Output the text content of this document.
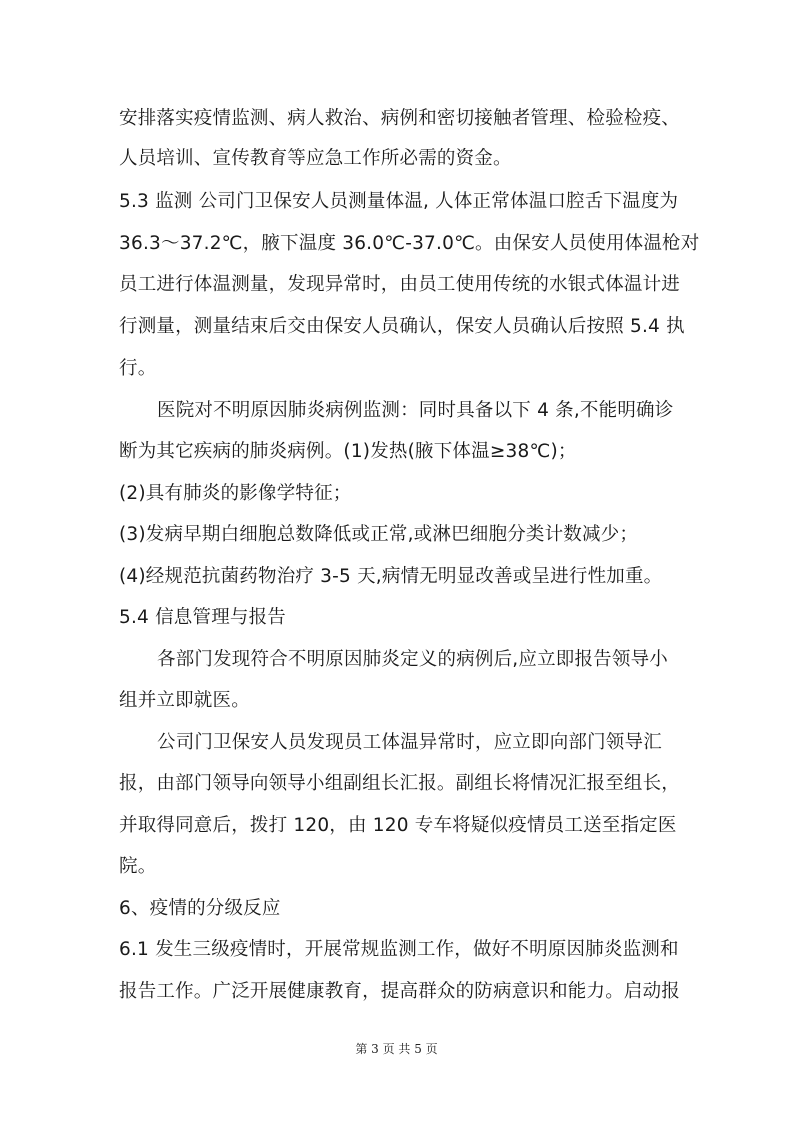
安排落实疫情监测、病人救治、病例和密切接触者管理、检验检疫、
人员培训、宣传教育等应急工作所必需的资金。
5.3 监测 公司门卫保安人员测量体温, 人体正常体温口腔舌下温度为
36.3～37.2℃，腋下温度 36.0℃-37.0℃。由保安人员使用体温枪对
员工进行体温测量，发现异常时，由员工使用传统的水银式体温计进
行测量，测量结束后交由保安人员确认，保安人员确认后按照 5.4 执
行。
医院对不明原因肺炎病例监测：同时具备以下 4 条,不能明确诊
断为其它疾病的肺炎病例。(1)发热(腋下体温≥38℃)；
(2)具有肺炎的影像学特征；
(3)发病早期白细胞总数降低或正常,或淋巴细胞分类计数减少；
(4)经规范抗菌药物治疗 3-5 天,病情无明显改善或呈进行性加重。
5.4 信息管理与报告
各部门发现符合不明原因肺炎定义的病例后,应立即报告领导小
组并立即就医。
公司门卫保安人员发现员工体温异常时，应立即向部门领导汇
报，由部门领导向领导小组副组长汇报。副组长将情况汇报至组长，
并取得同意后，拨打 120，由 120 专车将疑似疫情员工送至指定医
院。
6、疫情的分级反应
6.1 发生三级疫情时，开展常规监测工作，做好不明原因肺炎监测和
报告工作。广泛开展健康教育，提高群众的防病意识和能力。启动报
第 3 页 共 5 页
